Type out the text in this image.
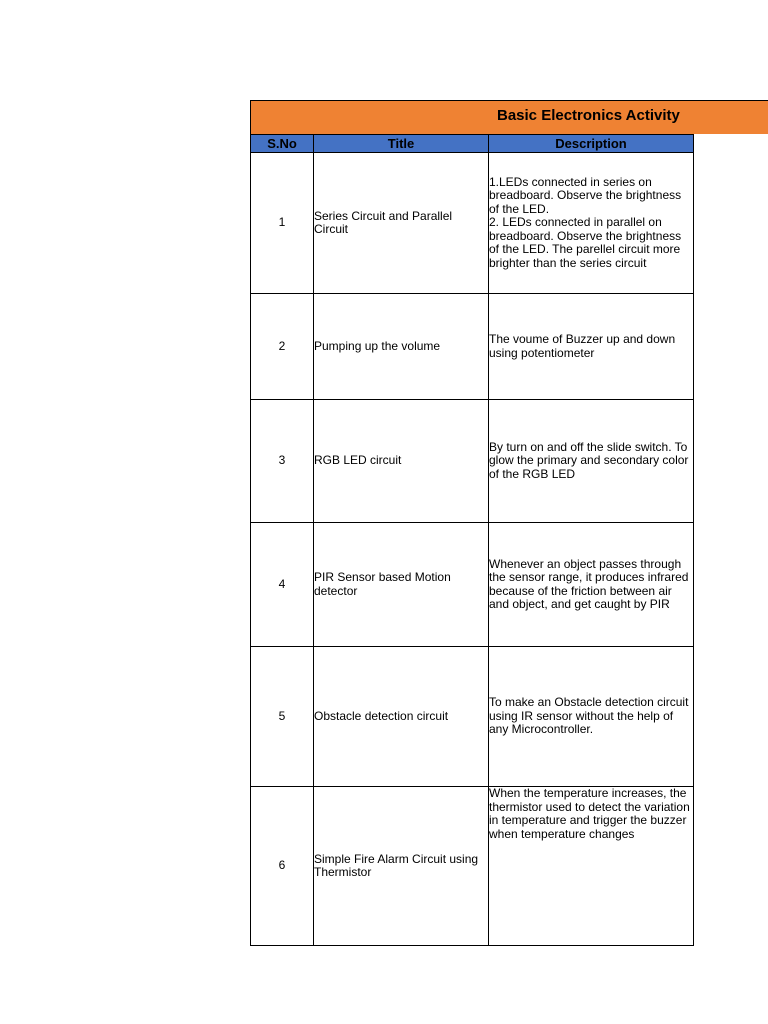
Basic Electronics Activity
S.No	Title	Description
1	Series Circuit and Parallel Circuit	1.LEDs connected in series on breadboard. Observe the brightness of the LED.
2. LEDs connected in parallel on breadboard. Observe the brightness of the LED. The parellel circuit more brighter than the series circuit
2	Pumping up the volume	The voume of Buzzer up and down using potentiometer
3	RGB LED circuit	By turn on and off the slide switch. To glow the primary and secondary color of the RGB LED
4	PIR Sensor based Motion detector	Whenever an object passes through the sensor range, it produces infrared because of the friction between air and object, and get caught by PIR
5	Obstacle detection circuit	To make an Obstacle detection circuit using IR sensor without the help of any Microcontroller.
6	Simple Fire Alarm Circuit using Thermistor	When the temperature increases, the thermistor used to detect the variation in temperature and trigger the buzzer when temperature changes
